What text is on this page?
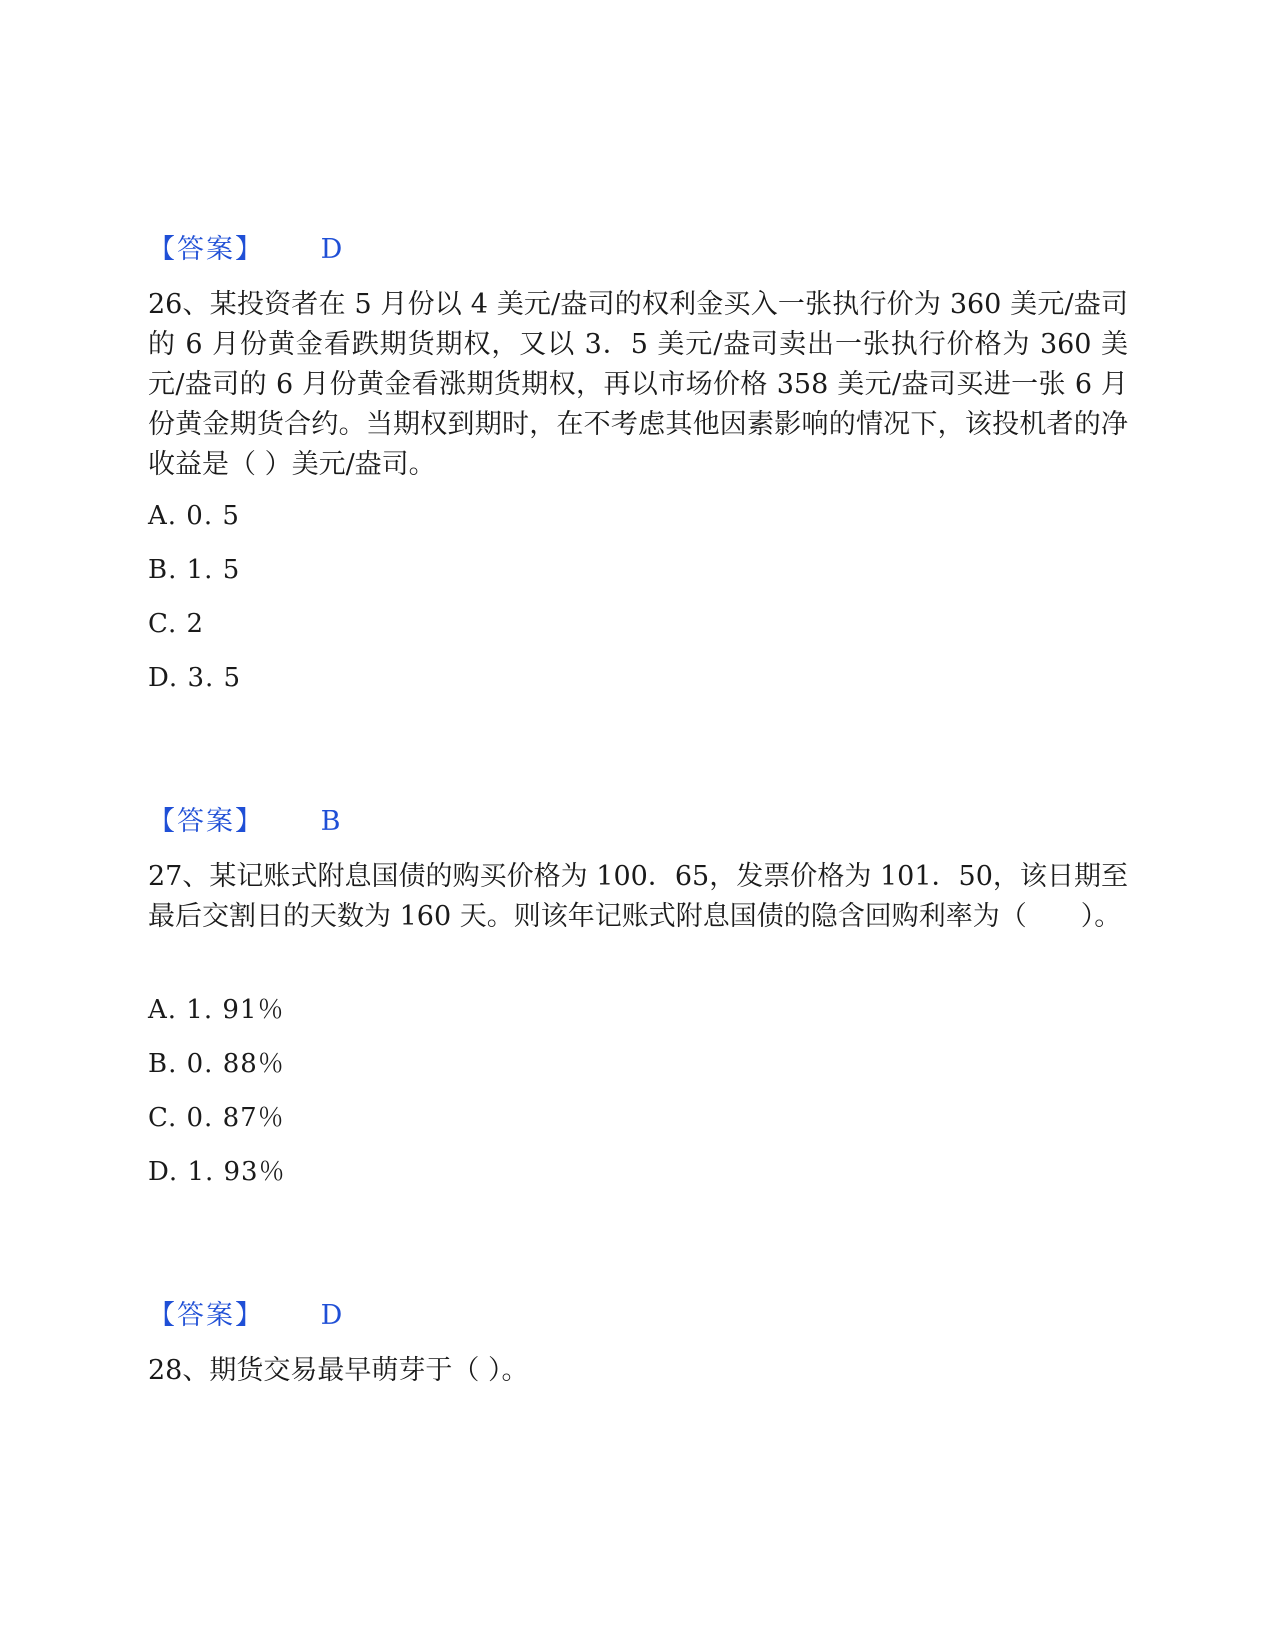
【答案】 D
26、某投资者在 5 月份以 4 美元/盎司的权利金买入一张执行价为 360 美元/盎司的 6 月份黄金看跌期货期权，又以 3．5 美元/盎司卖出一张执行价格为 360 美元/盎司的 6 月份黄金看涨期货期权，再以市场价格 358 美元/盎司买进一张 6 月份黄金期货合约。当期权到期时，在不考虑其他因素影响的情况下，该投机者的净收益是（ ）美元/盎司。
A. 0. 5
B. 1. 5
C. 2
D. 3. 5
【答案】 B
27、某记账式附息国债的购买价格为 100．65，发票价格为 101．50，该日期至最后交割日的天数为 160 天。则该年记账式附息国债的隐含回购利率为（　　）。
A. 1. 91％
B. 0. 88％
C. 0. 87％
D. 1. 93％
【答案】 D
28、期货交易最早萌芽于（ ）。
